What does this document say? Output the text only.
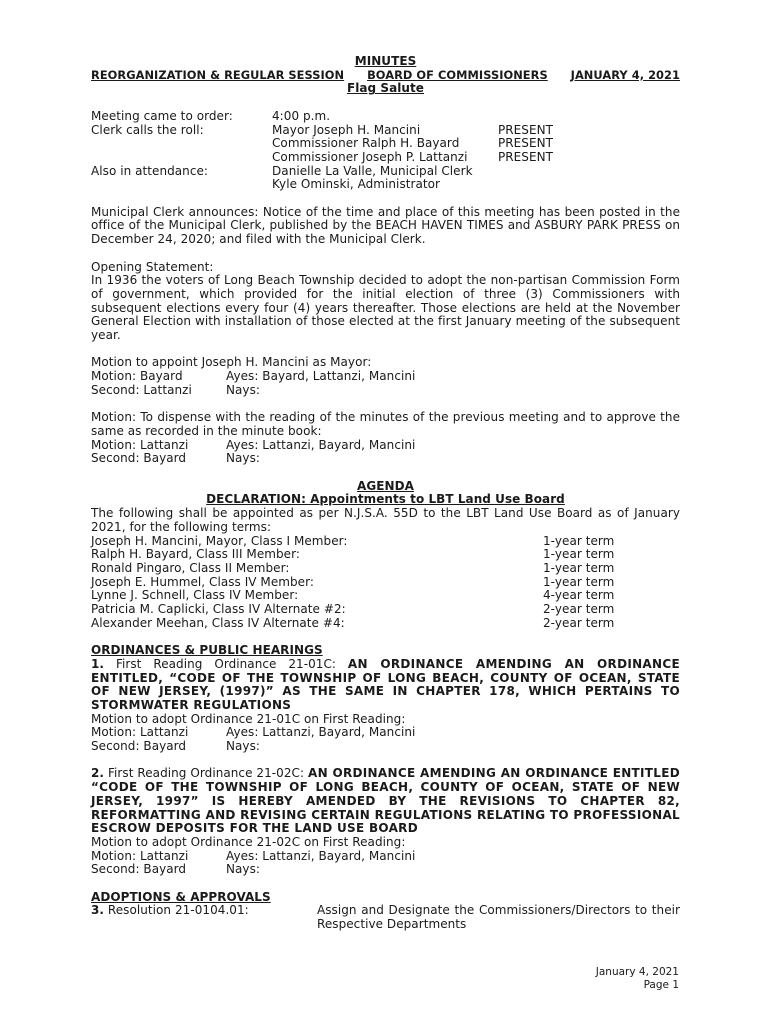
MINUTES
REORGANIZATION & REGULAR SESSION BOARD OF COMMISSIONERS JANUARY 4, 2021
Flag Salute
Meeting came to order:	4:00 p.m.
Clerk calls the roll:	Mayor Joseph H. Mancini	PRESENT
Commissioner Ralph H. Bayard	PRESENT
Commissioner Joseph P. Lattanzi	PRESENT
Also in attendance:	Danielle La Valle, Municipal Clerk
Kyle Ominski, Administrator
Municipal Clerk announces: Notice of the time and place of this meeting has been posted in the office of the Municipal Clerk, published by the BEACH HAVEN TIMES and ASBURY PARK PRESS on December 24, 2020; and filed with the Municipal Clerk.
Opening Statement:
In 1936 the voters of Long Beach Township decided to adopt the non-partisan Commission Form of government, which provided for the initial election of three (3) Commissioners with subsequent elections every four (4) years thereafter. Those elections are held at the November General Election with installation of those elected at the first January meeting of the subsequent year.
Motion to appoint Joseph H. Mancini as Mayor:
Motion: Bayard	Ayes: Bayard, Lattanzi, Mancini
Second: Lattanzi	Nays:
Motion: To dispense with the reading of the minutes of the previous meeting and to approve the same as recorded in the minute book:
Motion: Lattanzi	Ayes: Lattanzi, Bayard, Mancini
Second: Bayard	Nays:
AGENDA
DECLARATION: Appointments to LBT Land Use Board
The following shall be appointed as per N.J.S.A. 55D to the LBT Land Use Board as of January 2021, for the following terms:
Joseph H. Mancini, Mayor, Class I Member:	1-year term
Ralph H. Bayard, Class III Member:	1-year term
Ronald Pingaro, Class II Member:	1-year term
Joseph E. Hummel, Class IV Member:	1-year term
Lynne J. Schnell, Class IV Member:	4-year term
Patricia M. Caplicki, Class IV Alternate #2:	2-year term
Alexander Meehan, Class IV Alternate #4:	2-year term
ORDINANCES & PUBLIC HEARINGS
1. First Reading Ordinance 21-01C: AN ORDINANCE AMENDING AN ORDINANCE ENTITLED, “CODE OF THE TOWNSHIP OF LONG BEACH, COUNTY OF OCEAN, STATE OF NEW JERSEY, (1997)” AS THE SAME IN CHAPTER 178, WHICH PERTAINS TO STORMWATER REGULATIONS
Motion to adopt Ordinance 21-01C on First Reading:
Motion: Lattanzi	Ayes: Lattanzi, Bayard, Mancini
Second: Bayard	Nays:
2. First Reading Ordinance 21-02C: AN ORDINANCE AMENDING AN ORDINANCE ENTITLED “CODE OF THE TOWNSHIP OF LONG BEACH, COUNTY OF OCEAN, STATE OF NEW JERSEY, 1997” IS HEREBY AMENDED BY THE REVISIONS TO CHAPTER 82, REFORMATTING AND REVISING CERTAIN REGULATIONS RELATING TO PROFESSIONAL ESCROW DEPOSITS FOR THE LAND USE BOARD
Motion to adopt Ordinance 21-02C on First Reading:
Motion: Lattanzi	Ayes: Lattanzi, Bayard, Mancini
Second: Bayard	Nays:
ADOPTIONS & APPROVALS
3. Resolution 21-0104.01:	Assign and Designate the Commissioners/Directors to their Respective Departments
January 4, 2021
Page 1
